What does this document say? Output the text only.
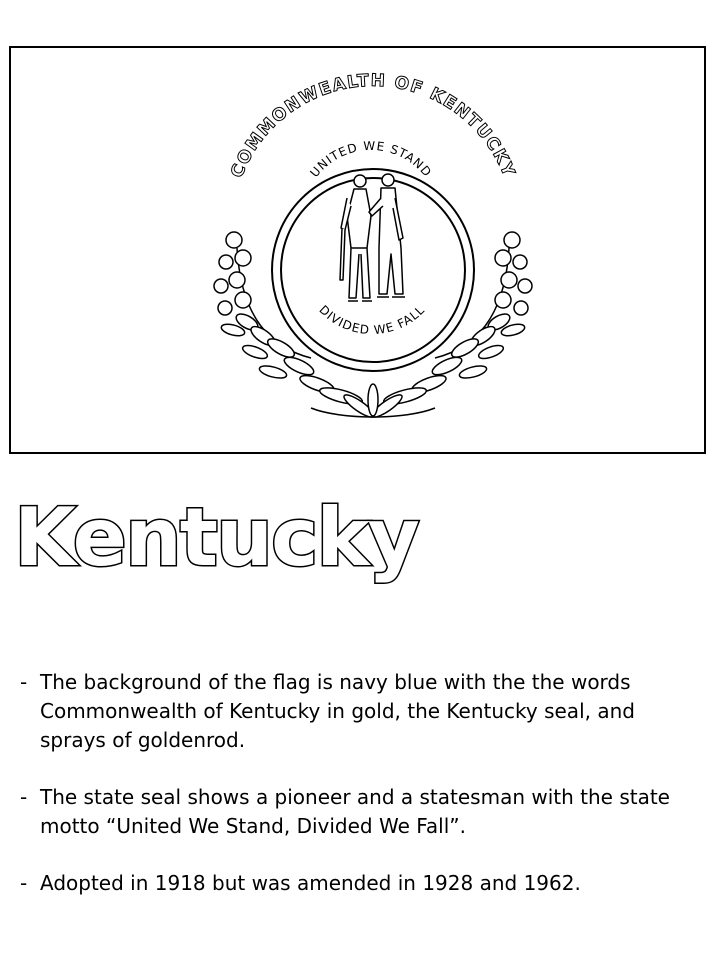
COMMONWEALTH OF KENTUCKY
UNITED WE STAND
DIVIDED WE FALL
Kentucky
- The background of the flag is navy blue with the the words Commonwealth of Kentucky in gold, the Kentucky seal, and sprays of goldenrod.
- The state seal shows a pioneer and a statesman with the state motto “United We Stand, Divided We Fall”.
- Adopted in 1918 but was amended in 1928 and 1962.
